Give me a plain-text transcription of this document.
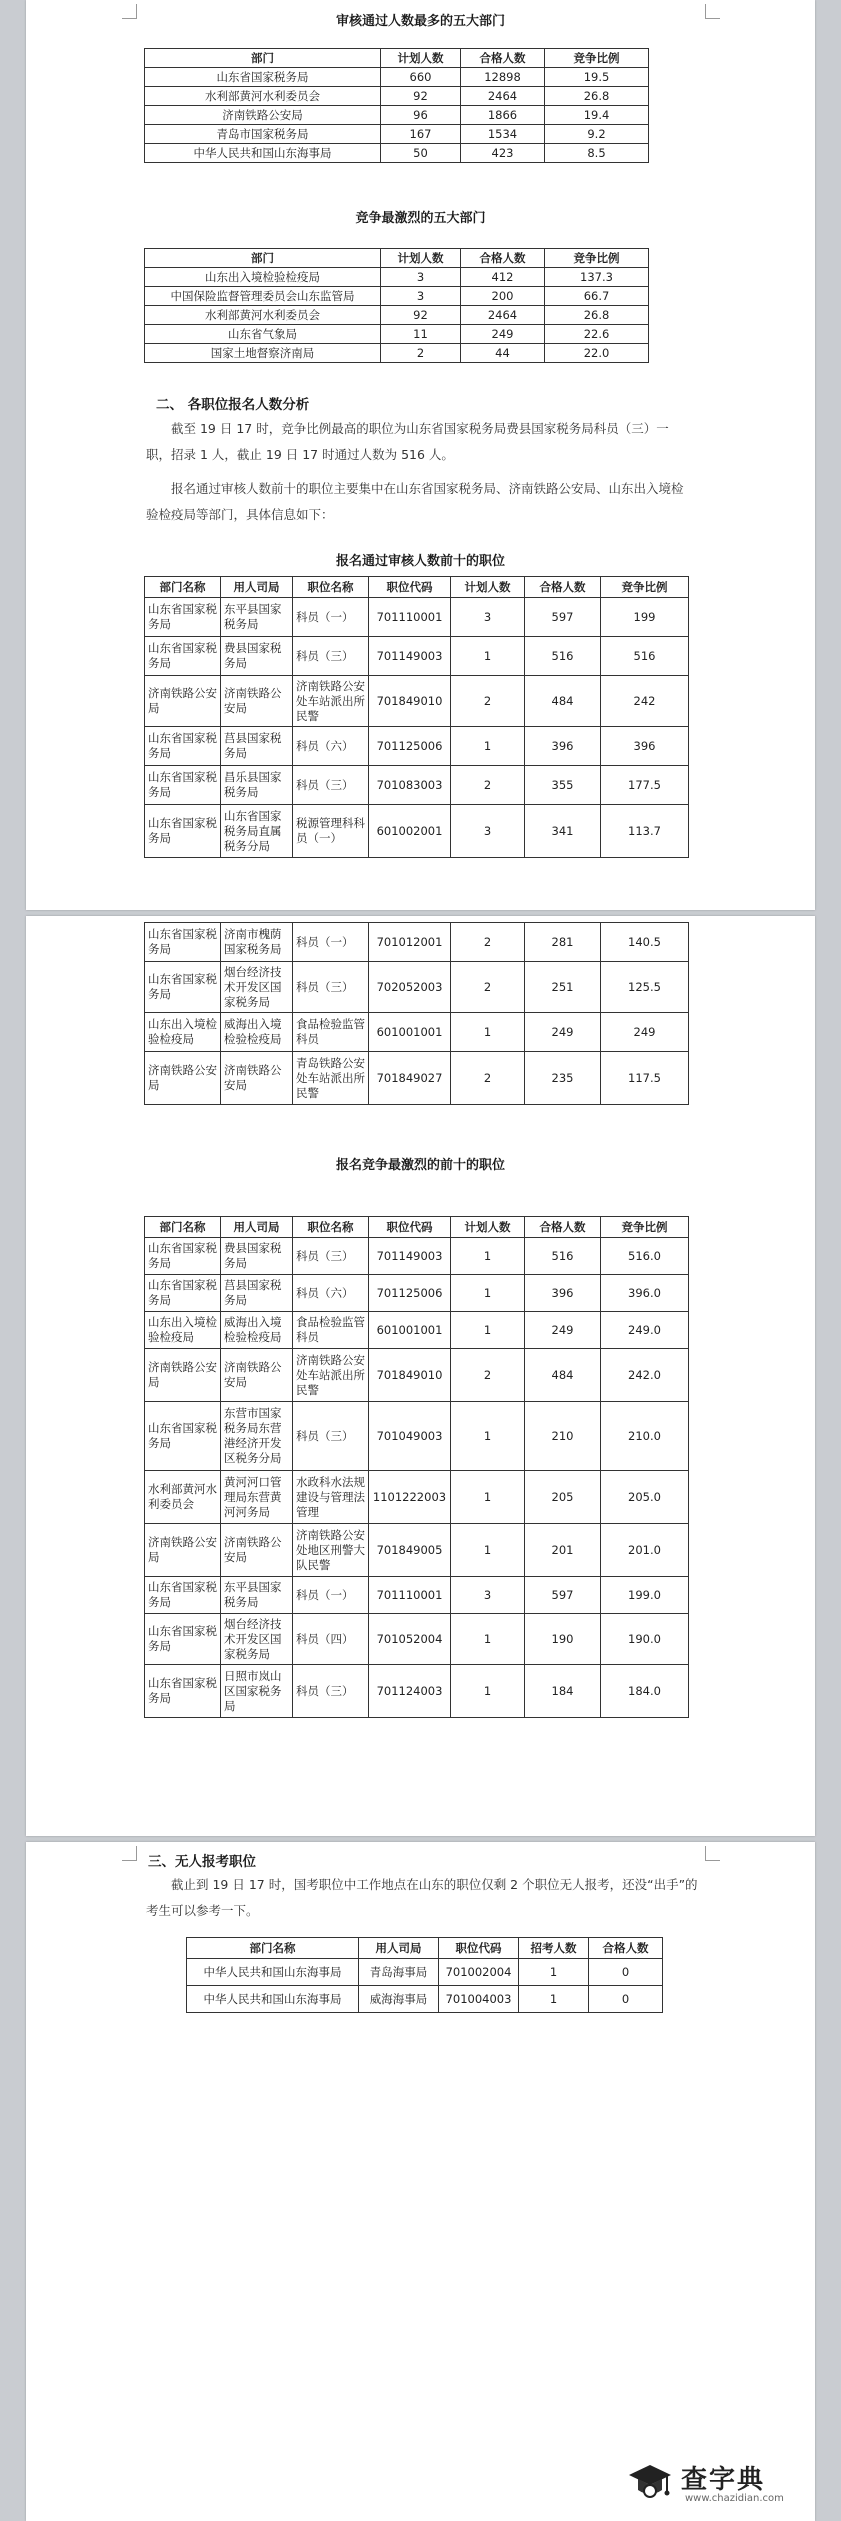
审核通过人数最多的五大部门

部门	计划人数	合格人数	竞争比例
山东省国家税务局	660	12898	19.5
水利部黄河水利委员会	92	2464	26.8
济南铁路公安局	96	1866	19.4
青岛市国家税务局	167	1534	9.2
中华人民共和国山东海事局	50	423	8.5

竞争最激烈的五大部门

部门	计划人数	合格人数	竞争比例
山东出入境检验检疫局	3	412	137.3
中国保险监督管理委员会山东监管局	3	200	66.7
水利部黄河水利委员会	92	2464	26.8
山东省气象局	11	249	22.6
国家土地督察济南局	2	44	22.0

二、 各职位报名人数分析

截至 19 日 17 时，竞争比例最高的职位为山东省国家税务局费县国家税务局科员（三）一职，招录 1 人，截止 19 日 17 时通过人数为 516 人。

报名通过审核人数前十的职位主要集中在山东省国家税务局、济南铁路公安局、山东出入境检验检疫局等部门，具体信息如下：

报名通过审核人数前十的职位

部门名称	用人司局	职位名称	职位代码	计划人数	合格人数	竞争比例
山东省国家税务局	东平县国家税务局	科员（一）	701110001	3	597	199
山东省国家税务局	费县国家税务局	科员（三）	701149003	1	516	516
济南铁路公安局	济南铁路公安局	济南铁路公安处车站派出所民警	701849010	2	484	242
山东省国家税务局	莒县国家税务局	科员（六）	701125006	1	396	396
山东省国家税务局	昌乐县国家税务局	科员（三）	701083003	2	355	177.5
山东省国家税务局	山东省国家税务局直属税务分局	税源管理科科员（一）	601002001	3	341	113.7
山东省国家税务局	济南市槐荫国家税务局	科员（一）	701012001	2	281	140.5
山东省国家税务局	烟台经济技术开发区国家税务局	科员（三）	702052003	2	251	125.5
山东出入境检验检疫局	威海出入境检验检疫局	食品检验监管科员	601001001	1	249	249
济南铁路公安局	济南铁路公安局	青岛铁路公安处车站派出所民警	701849027	2	235	117.5

报名竞争最激烈的前十的职位

部门名称	用人司局	职位名称	职位代码	计划人数	合格人数	竞争比例
山东省国家税务局	费县国家税务局	科员（三）	701149003	1	516	516.0
山东省国家税务局	莒县国家税务局	科员（六）	701125006	1	396	396.0
山东出入境检验检疫局	威海出入境检验检疫局	食品检验监管科员	601001001	1	249	249.0
济南铁路公安局	济南铁路公安局	济南铁路公安处车站派出所民警	701849010	2	484	242.0
山东省国家税务局	东营市国家税务局东营港经济开发区税务分局	科员（三）	701049003	1	210	210.0
水利部黄河水利委员会	黄河河口管理局东营黄河河务局	水政科水法规建设与管理法管理	1101222003	1	205	205.0
济南铁路公安局	济南铁路公安局	济南铁路公安处地区刑警大队民警	701849005	1	201	201.0
山东省国家税务局	东平县国家税务局	科员（一）	701110001	3	597	199.0
山东省国家税务局	烟台经济技术开发区国家税务局	科员（四）	701052004	1	190	190.0
山东省国家税务局	日照市岚山区国家税务局	科员（三）	701124003	1	184	184.0

三、无人报考职位

截止到 19 日 17 时，国考职位中工作地点在山东的职位仅剩 2 个职位无人报考，还没“出手”的考生可以参考一下。

部门名称	用人司局	职位代码	招考人数	合格人数
中华人民共和国山东海事局	青岛海事局	701002004	1	0
中华人民共和国山东海事局	威海海事局	701004003	1	0
查字典
www.chazidian.com
